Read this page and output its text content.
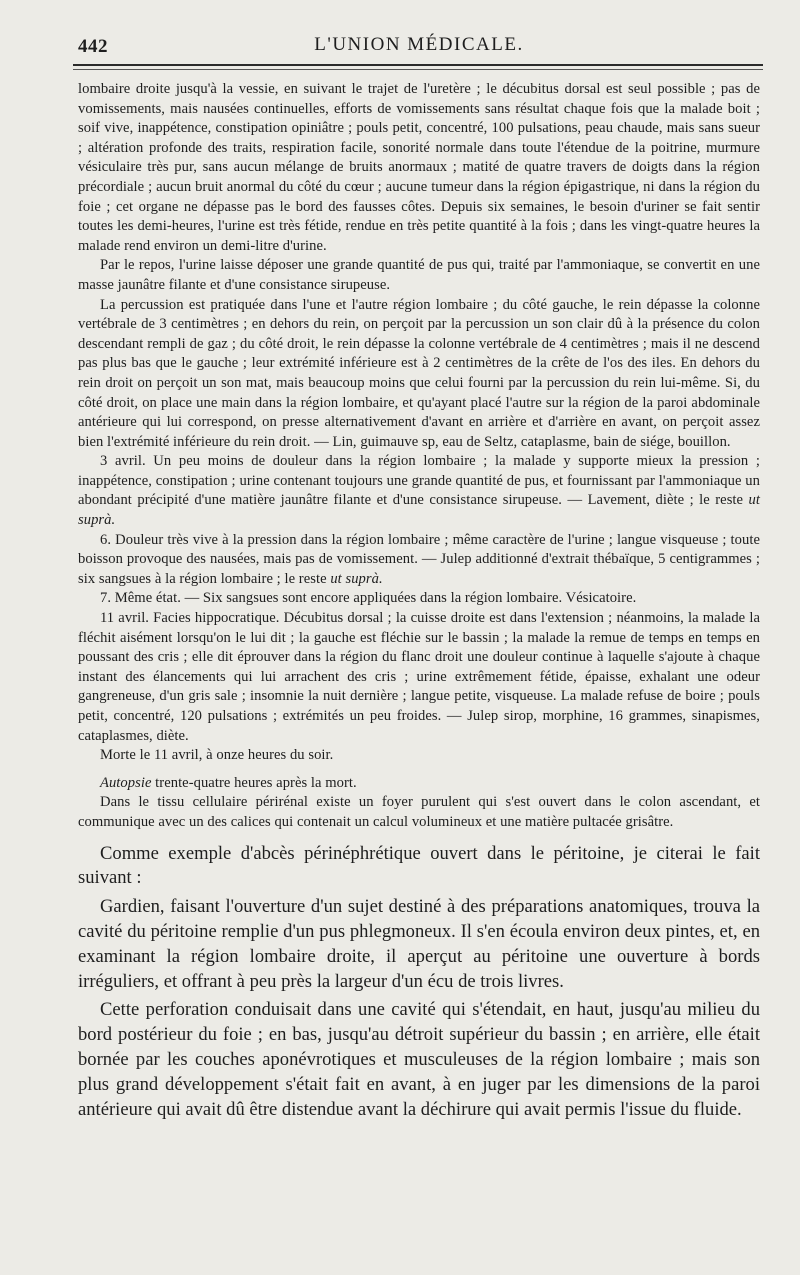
442	L'UNION MÉDICALE.

lombaire droite jusqu'à la vessie, en suivant le trajet de l'uretère ; le décubitus dorsal est seul possible ; pas de vomissements, mais nausées continuelles, efforts de vomissements sans résultat chaque fois que la malade boit ; soif vive, inappétence, constipation opiniâtre ; pouls petit, concentré, 100 pulsations, peau chaude, mais sans sueur ; altération profonde des traits, respiration facile, sonorité normale dans toute l'étendue de la poitrine, murmure vésiculaire très pur, sans aucun mélange de bruits anormaux ; matité de quatre travers de doigts dans la région précordiale ; aucun bruit anormal du côté du cœur ; aucune tumeur dans la région épigastrique, ni dans la région du foie ; cet organe ne dépasse pas le bord des fausses côtes. Depuis six semaines, le besoin d'uriner se fait sentir toutes les demi-heures, l'urine est très fétide, rendue en très petite quantité à la fois ; dans les vingt-quatre heures la malade rend environ un demi-litre d'urine.

Par le repos, l'urine laisse déposer une grande quantité de pus qui, traité par l'ammoniaque, se convertit en une masse jaunâtre filante et d'une consistance sirupeuse.

La percussion est pratiquée dans l'une et l'autre région lombaire ; du côté gauche, le rein dépasse la colonne vertébrale de 3 centimètres ; en dehors du rein, on perçoit par la percussion un son clair dû à la présence du colon descendant rempli de gaz ; du côté droit, le rein dépasse la colonne vertébrale de 4 centimètres ; mais il ne descend pas plus bas que le gauche ; leur extrémité inférieure est à 2 centimètres de la crête de l'os des iles. En dehors du rein droit on perçoit un son mat, mais beaucoup moins que celui fourni par la percussion du rein lui-même. Si, du côté droit, on place une main dans la région lombaire, et qu'ayant placé l'autre sur la région de la paroi abdominale antérieure qui lui correspond, on presse alternativement d'avant en arrière et d'arrière en avant, on perçoit assez bien l'extrémité inférieure du rein droit. — Lin, guimauve sp, eau de Seltz, cataplasme, bain de siége, bouillon.

3 avril. Un peu moins de douleur dans la région lombaire ; la malade y supporte mieux la pression ; inappétence, constipation ; urine contenant toujours une grande quantité de pus, et fournissant par l'ammoniaque un abondant précipité d'une matière jaunâtre filante et d'une consistance sirupeuse. — Lavement, diète ; le reste ut suprà.

6. Douleur très vive à la pression dans la région lombaire ; même caractère de l'urine ; langue visqueuse ; toute boisson provoque des nausées, mais pas de vomissement. — Julep additionné d'extrait thébaïque, 5 centigrammes ; six sangsues à la région lombaire ; le reste ut suprà.

7. Même état. — Six sangsues sont encore appliquées dans la région lombaire. Vésicatoire.

11 avril. Facies hippocratique. Décubitus dorsal ; la cuisse droite est dans l'extension ; néanmoins, la malade la fléchit aisément lorsqu'on le lui dit ; la gauche est fléchie sur le bassin ; la malade la remue de temps en temps en poussant des cris ; elle dit éprouver dans la région du flanc droit une douleur continue à laquelle s'ajoute à chaque instant des élancements qui lui arrachent des cris ; urine extrêmement fétide, épaisse, exhalant une odeur gangreneuse, d'un gris sale ; insomnie la nuit dernière ; langue petite, visqueuse. La malade refuse de boire ; pouls petit, concentré, 120 pulsations ; extrémités un peu froides. — Julep sirop, morphine, 16 grammes, sinapismes, cataplasmes, diète.

Morte le 11 avril, à onze heures du soir.

Autopsie trente-quatre heures après la mort.

Dans le tissu cellulaire périrénal existe un foyer purulent qui s'est ouvert dans le colon ascendant, et communique avec un des calices qui contenait un calcul volumineux et une matière pultacée grisâtre.

Comme exemple d'abcès périnéphrétique ouvert dans le péritoine, je citerai le fait suivant :

Gardien, faisant l'ouverture d'un sujet destiné à des préparations anatomiques, trouva la cavité du péritoine remplie d'un pus phlegmoneux. Il s'en écoula environ deux pintes, et, en examinant la région lombaire droite, il aperçut au péritoine une ouverture à bords irréguliers, et offrant à peu près la largeur d'un écu de trois livres.

Cette perforation conduisait dans une cavité qui s'étendait, en haut, jusqu'au milieu du bord postérieur du foie ; en bas, jusqu'au détroit supérieur du bassin ; en arrière, elle était bornée par les couches aponévrotiques et musculeuses de la région lombaire ; mais son plus grand développement s'était fait en avant, à en juger par les dimensions de la paroi antérieure qui avait dû être distendue avant la déchirure qui avait permis l'issue du fluide.
